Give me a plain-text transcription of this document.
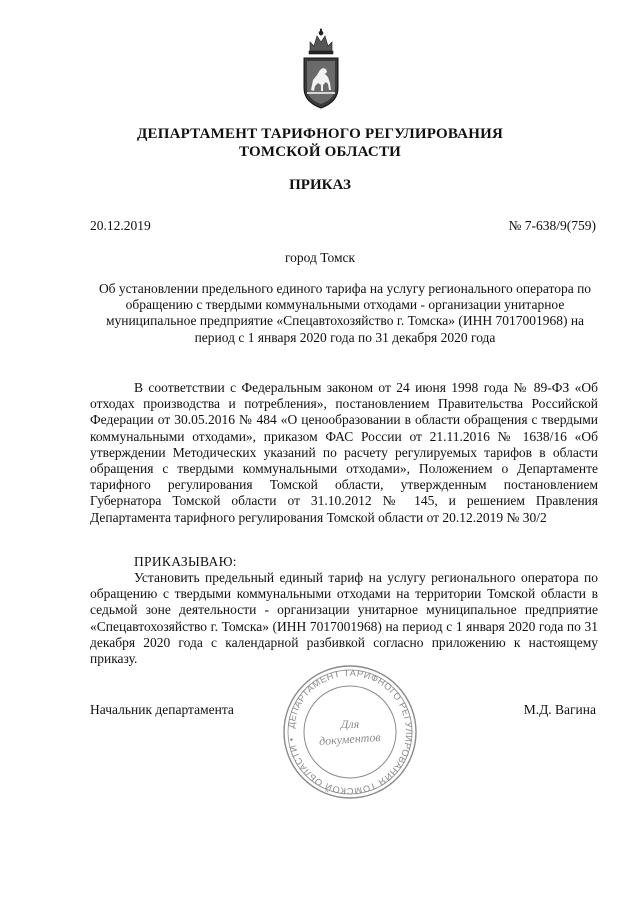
ДЕПАРТАМЕНТ ТАРИФНОГО РЕГУЛИРОВАНИЯ
ТОМСКОЙ ОБЛАСТИ
ПРИКАЗ
20.12.2019	№ 7-638/9(759)
город Томск
Об установлении предельного единого тарифа на услугу регионального оператора по обращению с твердыми коммунальными отходами - организации унитарное муниципальное предприятие «Спецавтохозяйство г. Томска» (ИНН 7017001968) на период с 1 января 2020 года по 31 декабря 2020 года
В соответствии с Федеральным законом от 24 июня 1998 года № 89-ФЗ «Об отходах производства и потребления», постановлением Правительства Российской Федерации от 30.05.2016 № 484 «О ценообразовании в области обращения с твердыми коммунальными отходами», приказом ФАС России от 21.11.2016 № 1638/16 «Об утверждении Методических указаний по расчету регулируемых тарифов в области обращения с твердыми коммунальными отходами», Положением о Департаменте тарифного регулирования Томской области, утвержденным постановлением Губернатора Томской области от 31.10.2012 № 145, и решением Правления Департамента тарифного регулирования Томской области от 20.12.2019 № 30/2
ПРИКАЗЫВАЮ:
Установить предельный единый тариф на услугу регионального оператора по обращению с твердыми коммунальными отходами на территории Томской области в седьмой зоне деятельности - организации унитарное муниципальное предприятие «Спецавтохозяйство г. Томска» (ИНН 7017001968) на период с 1 января 2020 года по 31 декабря 2020 года с календарной разбивкой согласно приложению к настоящему приказу.
Начальник департамента	М.Д. Вагина
ДЕПАРТАМЕНТ ТАРИФНОГО РЕГУЛИРОВАНИЯ ТОМСКОЙ ОБЛАСТИ •
Для
документов
